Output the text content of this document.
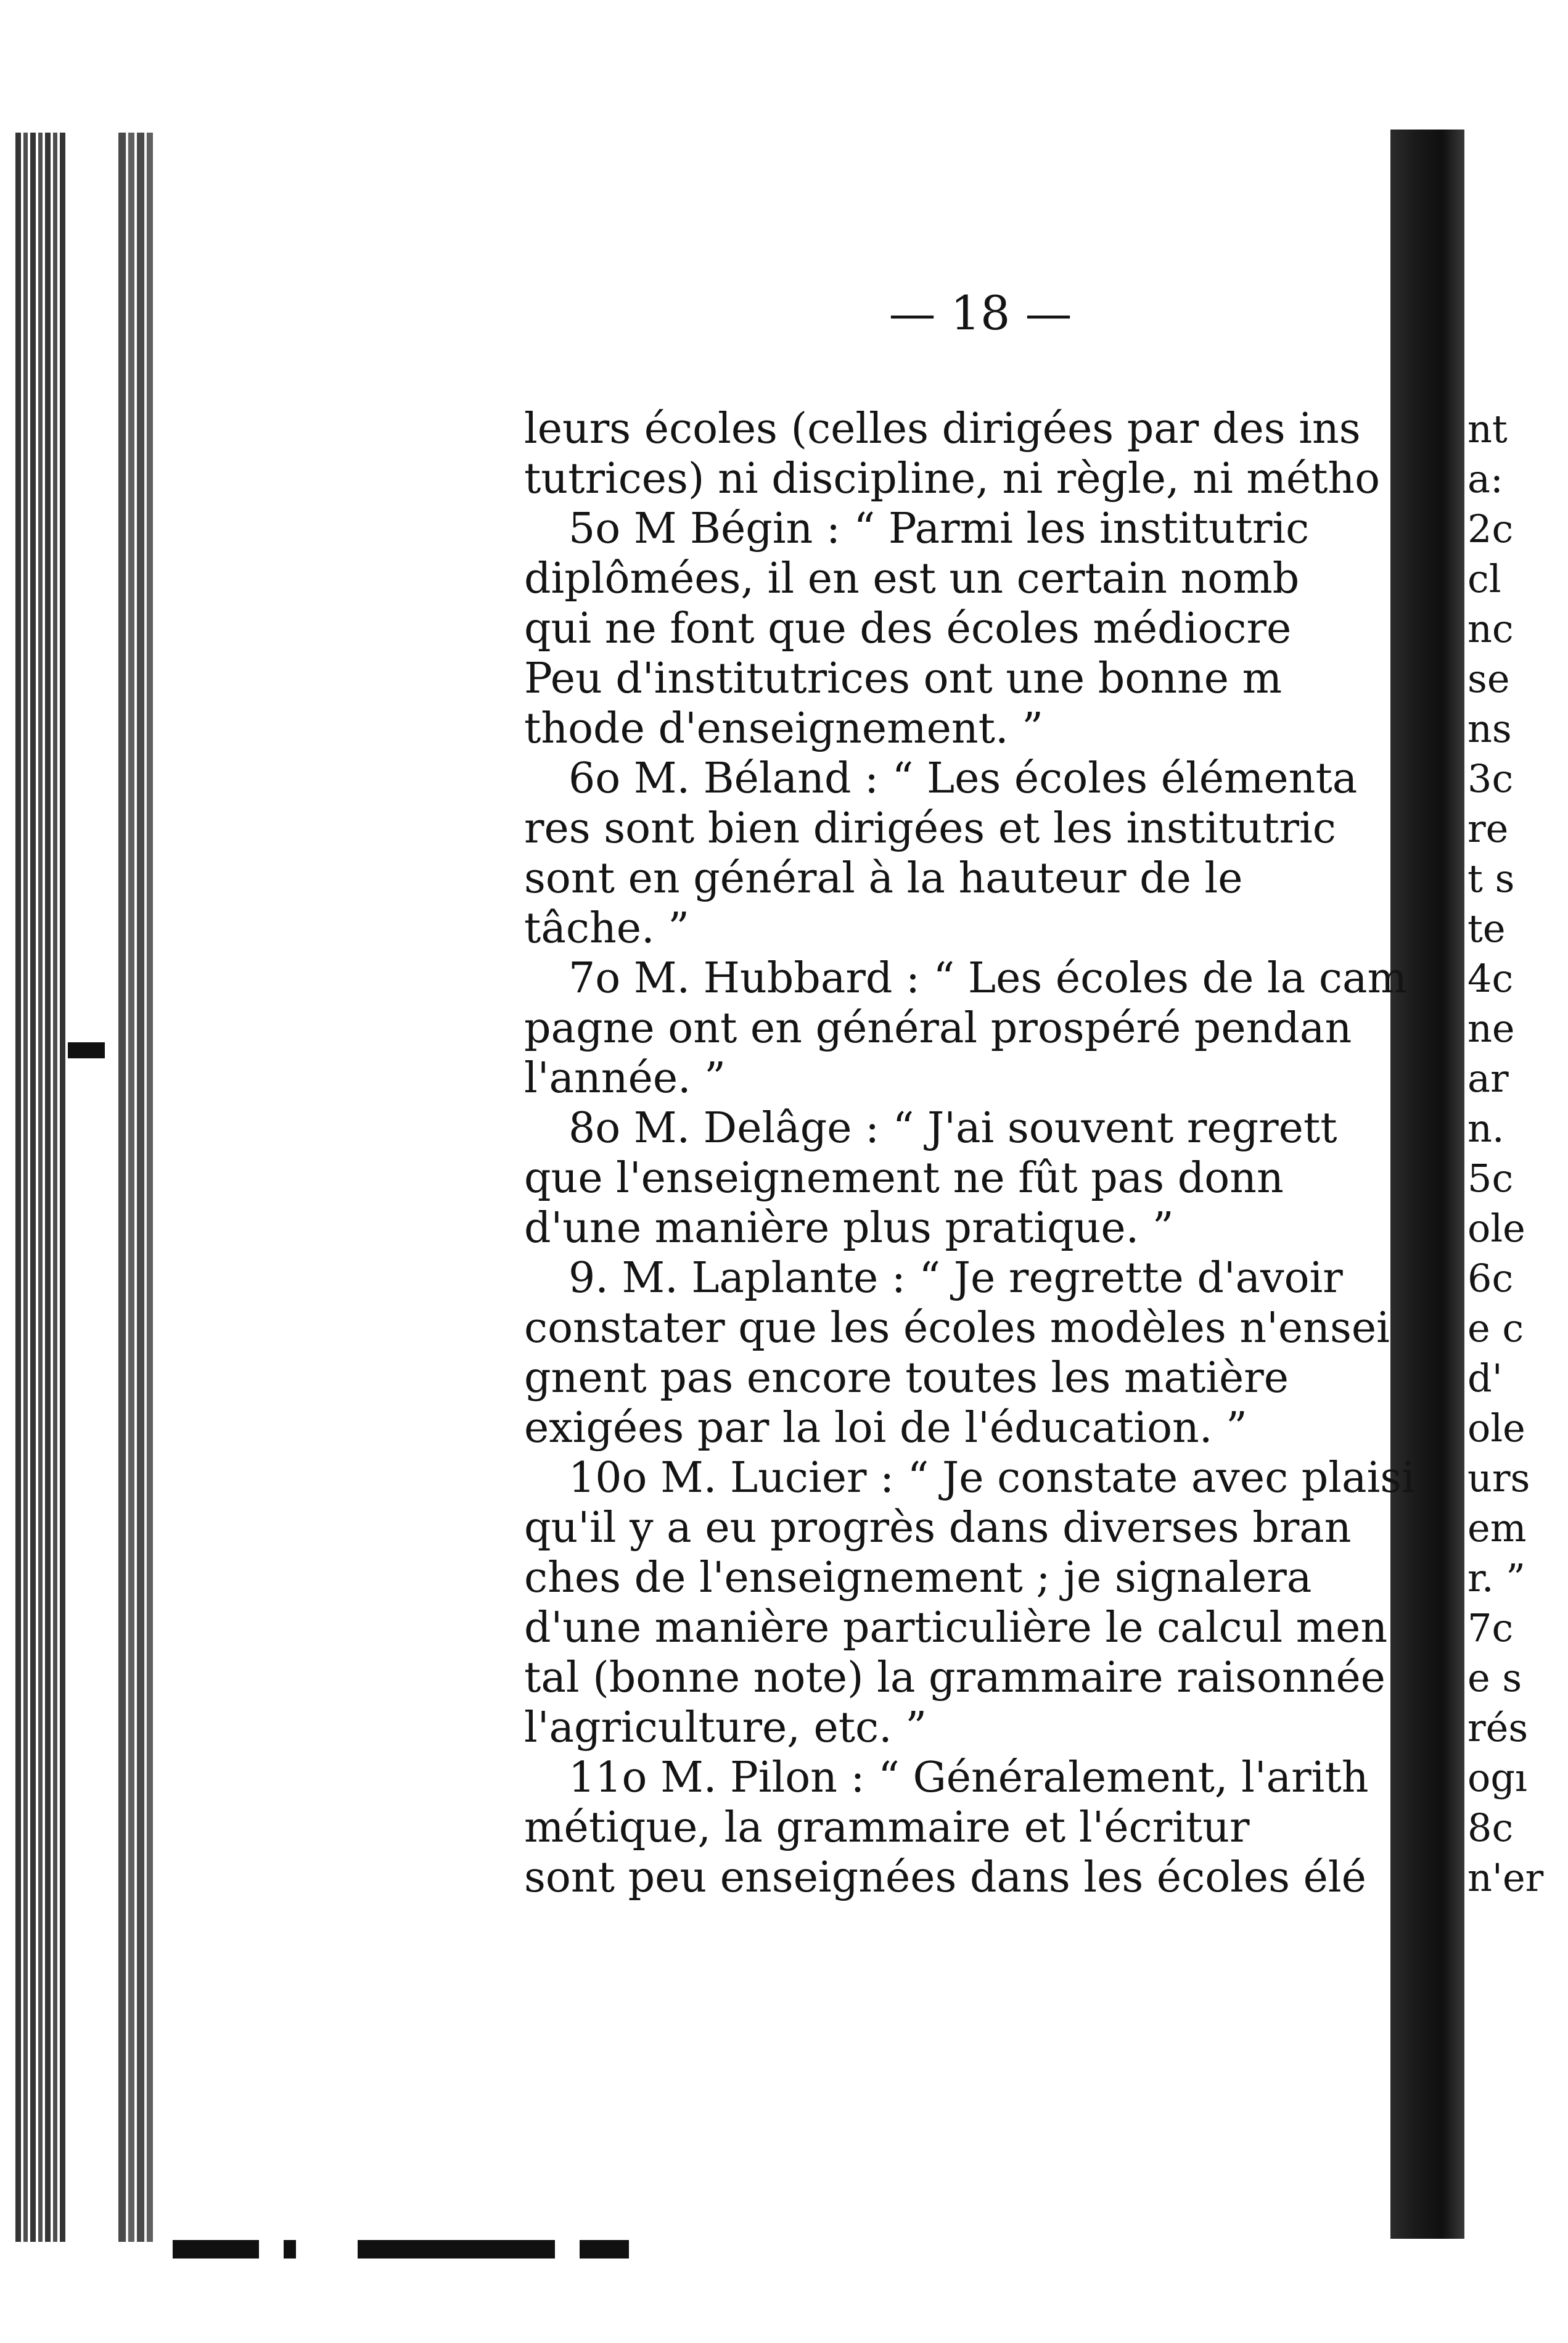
— 18 —
leurs écoles (celles dirigées par des ins
tutrices) ni discipline, ni règle, ni métho
5o M Bégin : “ Parmi les institutric
diplômées, il en est un certain nomb
qui ne font que des écoles médiocre
Peu d'institutrices ont une bonne m
thode d'enseignement. ”
6o M. Béland : “ Les écoles élémenta
res sont bien dirigées et les institutric
sont en général à la hauteur de le
tâche. ”
7o M. Hubbard : “ Les écoles de la cam
pagne ont en général prospéré pendan
l'année. ”
8o M. Delâge : “ J'ai souvent regrett
que l'enseignement ne fût pas donn
d'une manière plus pratique. ”
9. M. Laplante : “ Je regrette d'avoir
constater que les écoles modèles n'ensei
gnent pas encore toutes les matière
exigées par la loi de l'éducation. ”
10o M. Lucier : “ Je constate avec plaisi
qu'il y a eu progrès dans diverses bran
ches de l'enseignement ; je signalera
d'une manière particulière le calcul men
tal (bonne note) la grammaire raisonnée
l'agriculture, etc. ”
11o M. Pilon : “ Généralement, l'arith
métique, la grammaire et l'écritur
sont peu enseignées dans les écoles élé
nt
a:
2c
cl
nc
se
ns
3c
re
t s
te
4c
ne
ar
n.
5c
ole
6c
e c
d'
ole
urs
em
r. ”
7c
e s
rés
ogı
8c
n'er
